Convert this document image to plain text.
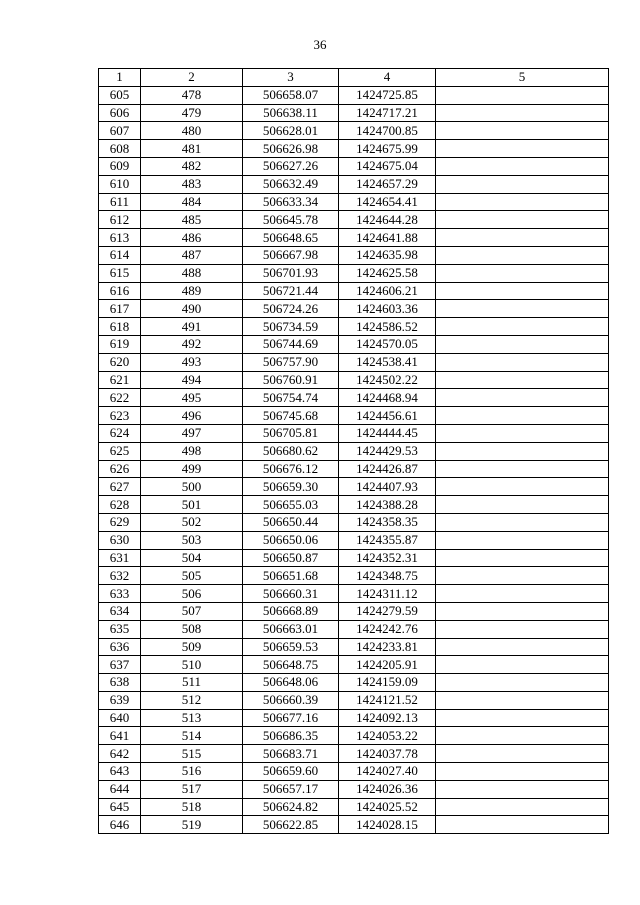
36
1	2	3	4	5
605	478	506658.07	1424725.85	
606	479	506638.11	1424717.21	
607	480	506628.01	1424700.85	
608	481	506626.98	1424675.99	
609	482	506627.26	1424675.04	
610	483	506632.49	1424657.29	
611	484	506633.34	1424654.41	
612	485	506645.78	1424644.28	
613	486	506648.65	1424641.88	
614	487	506667.98	1424635.98	
615	488	506701.93	1424625.58	
616	489	506721.44	1424606.21	
617	490	506724.26	1424603.36	
618	491	506734.59	1424586.52	
619	492	506744.69	1424570.05	
620	493	506757.90	1424538.41	
621	494	506760.91	1424502.22	
622	495	506754.74	1424468.94	
623	496	506745.68	1424456.61	
624	497	506705.81	1424444.45	
625	498	506680.62	1424429.53	
626	499	506676.12	1424426.87	
627	500	506659.30	1424407.93	
628	501	506655.03	1424388.28	
629	502	506650.44	1424358.35	
630	503	506650.06	1424355.87	
631	504	506650.87	1424352.31	
632	505	506651.68	1424348.75	
633	506	506660.31	1424311.12	
634	507	506668.89	1424279.59	
635	508	506663.01	1424242.76	
636	509	506659.53	1424233.81	
637	510	506648.75	1424205.91	
638	511	506648.06	1424159.09	
639	512	506660.39	1424121.52	
640	513	506677.16	1424092.13	
641	514	506686.35	1424053.22	
642	515	506683.71	1424037.78	
643	516	506659.60	1424027.40	
644	517	506657.17	1424026.36	
645	518	506624.82	1424025.52	
646	519	506622.85	1424028.15	
